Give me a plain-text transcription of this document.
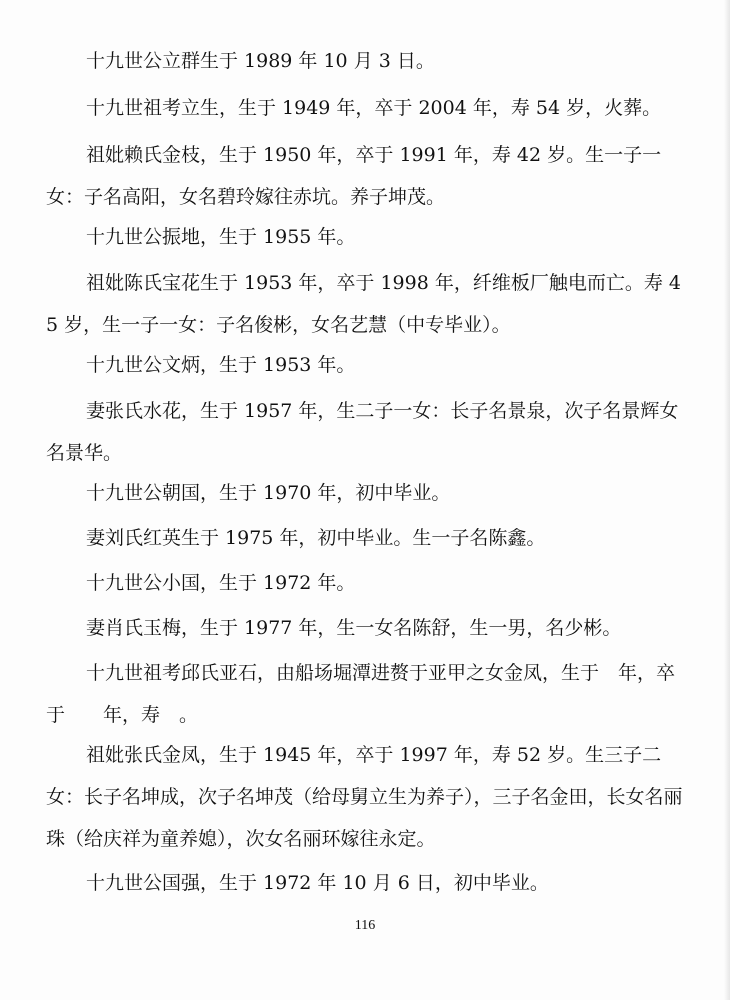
十九世公立群生于 1989 年 10 月 3 日。

十九世祖考立生，生于 1949 年，卒于 2004 年，寿 54 岁，火葬。

祖妣赖氏金枝，生于 1950 年，卒于 1991 年，寿 42 岁。生一子一女：子名高阳，女名碧玲嫁往赤坑。养子坤茂。

十九世公振地，生于 1955 年。

祖妣陈氏宝花生于 1953 年，卒于 1998 年，纤维板厂触电而亡。寿 45 岁，生一子一女：子名俊彬，女名艺慧（中专毕业）。

十九世公文炳，生于 1953 年。

妻张氏水花，生于 1957 年，生二子一女：长子名景泉，次子名景辉女名景华。

十九世公朝国，生于 1970 年，初中毕业。

妻刘氏红英生于 1975 年，初中毕业。生一子名陈鑫。

十九世公小国，生于 1972 年。

妻肖氏玉梅，生于 1977 年，生一女名陈舒，生一男，名少彬。

十九世祖考邱氏亚石，由船场堀潭进赘于亚甲之女金凤，生于　年，卒于　　年，寿　。

祖妣张氏金凤，生于 1945 年，卒于 1997 年，寿 52 岁。生三子二女：长子名坤成，次子名坤茂（给母舅立生为养子），三子名金田，长女名丽珠（给庆祥为童养媳），次女名丽环嫁往永定。

十九世公国强，生于 1972 年 10 月 6 日，初中毕业。

116
